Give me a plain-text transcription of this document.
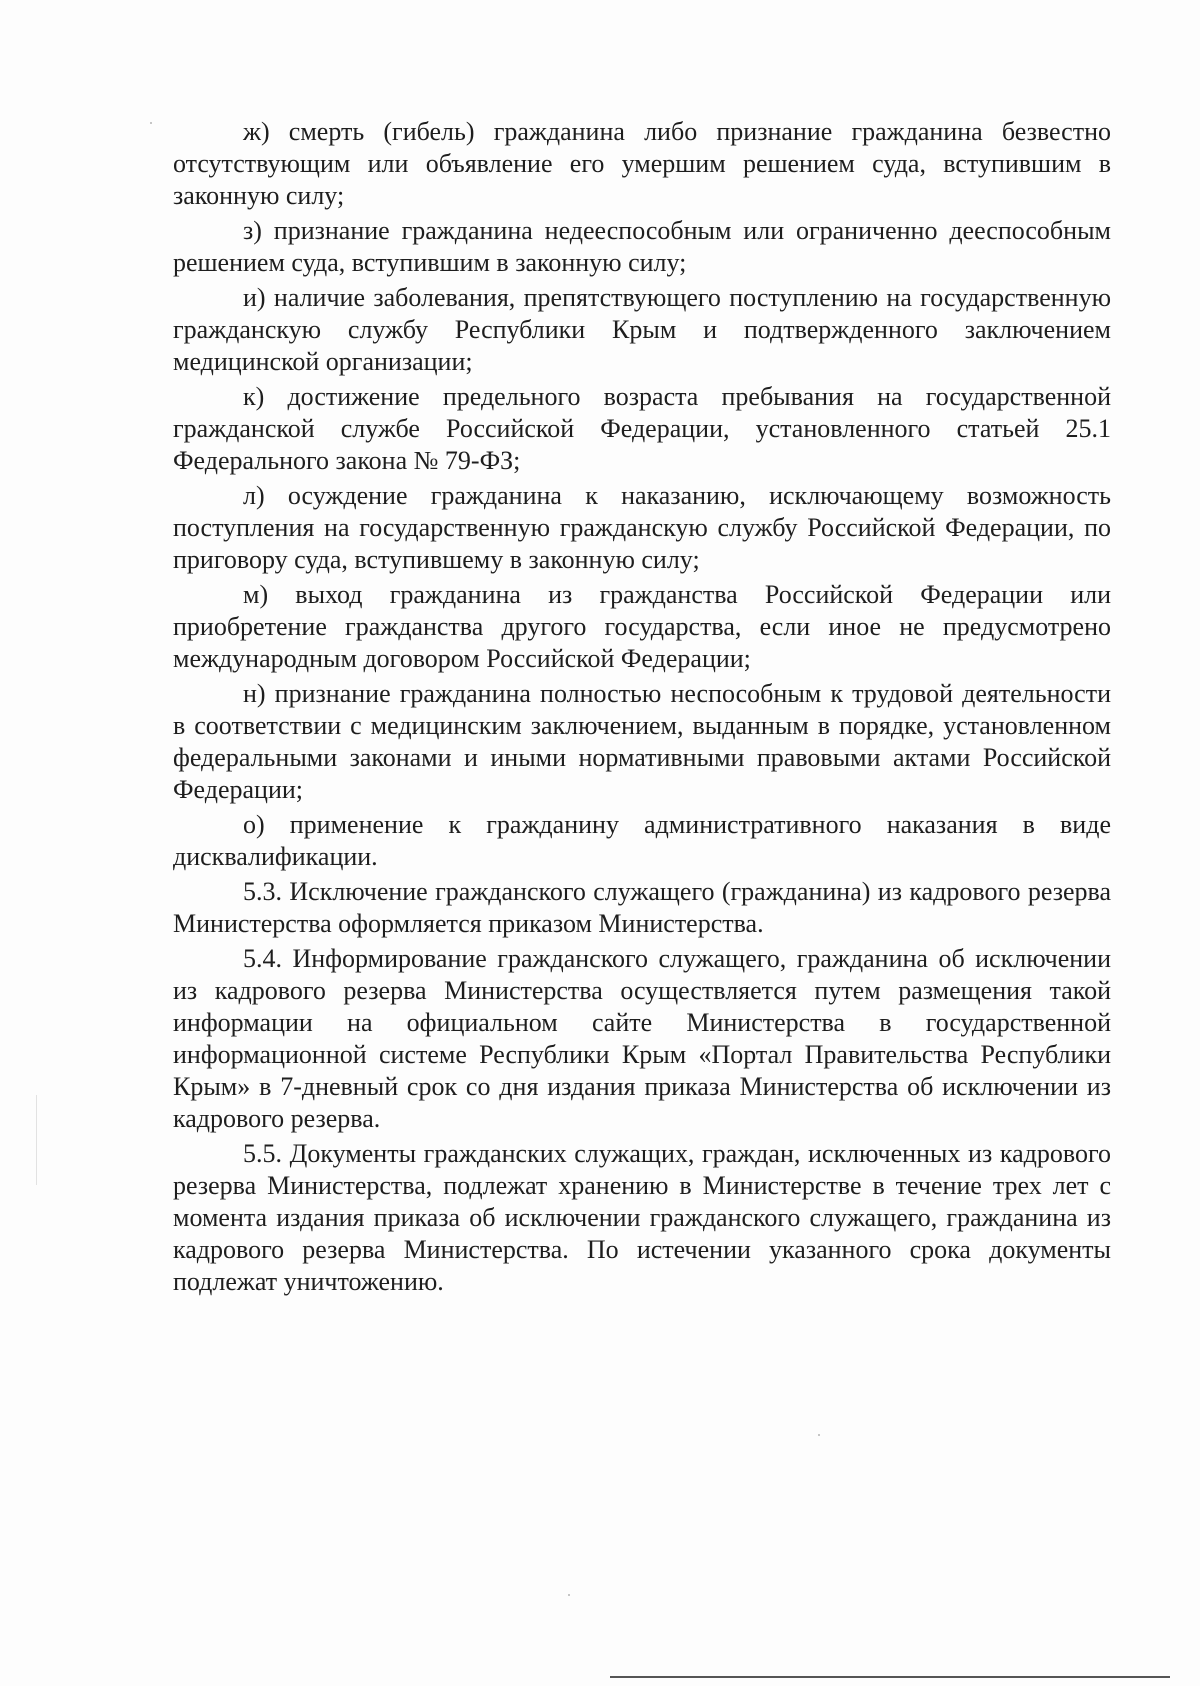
ж) смерть (гибель) гражданина либо признание гражданина безвестно отсутствующим или объявление его умершим решением суда, вступившим в законную силу;

з) признание гражданина недееспособным или ограниченно дееспособным решением суда, вступившим в законную силу;

и) наличие заболевания, препятствующего поступлению на государственную гражданскую службу Республики Крым и подтвержденного заключением медицинской организации;

к) достижение предельного возраста пребывания на государственной гражданской службе Российской Федерации, установленного статьей 25.1 Федерального закона № 79-ФЗ;

л) осуждение гражданина к наказанию, исключающему возможность поступления на государственную гражданскую службу Российской Федерации, по приговору суда, вступившему в законную силу;

м) выход гражданина из гражданства Российской Федерации или приобретение гражданства другого государства, если иное не предусмотрено международным договором Российской Федерации;

н) признание гражданина полностью неспособным к трудовой деятельности в соответствии с медицинским заключением, выданным в порядке, установленном федеральными законами и иными нормативными правовыми актами Российской Федерации;

о) применение к гражданину административного наказания в виде дисквалификации.

5.3. Исключение гражданского служащего (гражданина) из кадрового резерва Министерства оформляется приказом Министерства.

5.4. Информирование гражданского служащего, гражданина об исключении из кадрового резерва Министерства осуществляется путем размещения такой информации на официальном сайте Министерства в государственной информационной системе Республики Крым «Портал Правительства Республики Крым» в 7-дневный срок со дня издания приказа Министерства об исключении из кадрового резерва.

5.5. Документы гражданских служащих, граждан, исключенных из кадрового резерва Министерства, подлежат хранению в Министерстве в течение трех лет с момента издания приказа об исключении гражданского служащего, гражданина из кадрового резерва Министерства. По истечении указанного срока документы подлежат уничтожению.
